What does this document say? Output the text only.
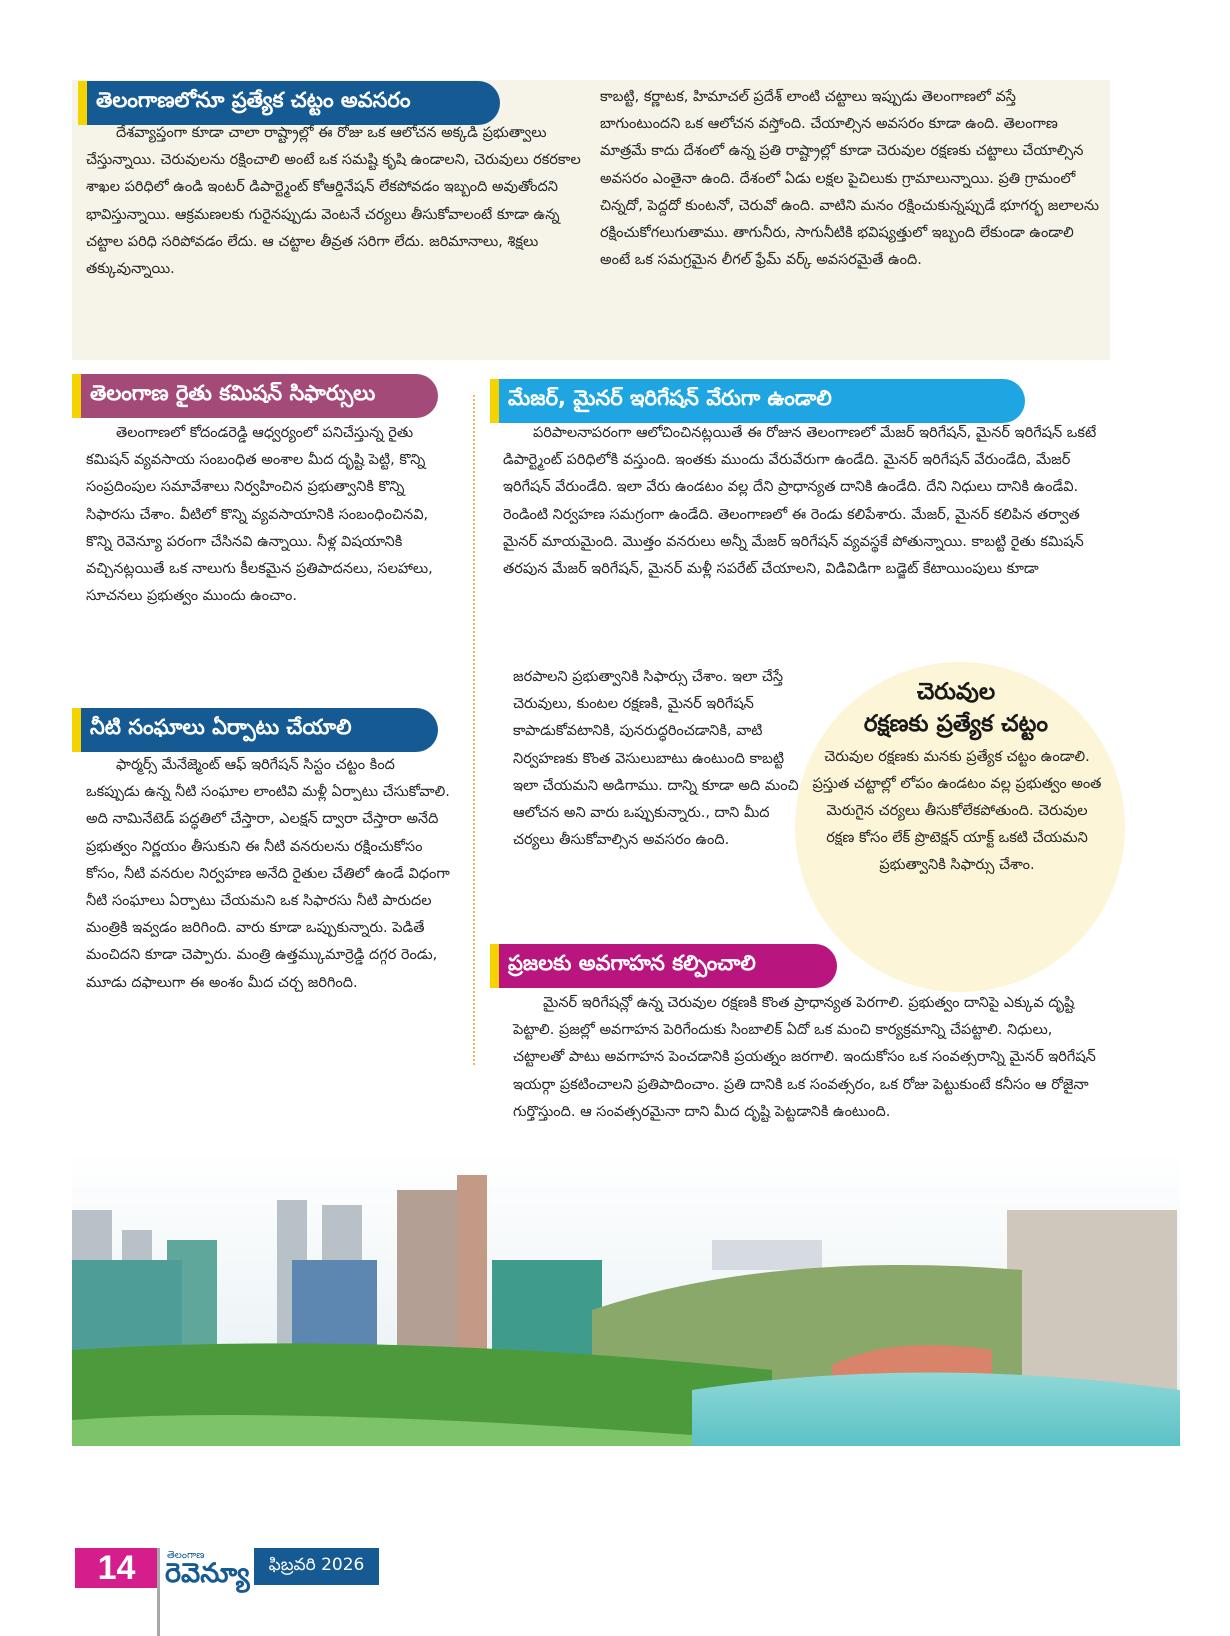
తెలంగాణలోనూ ప్రత్యేక చట్టం అవసరం

దేశవ్యాప్తంగా కూడా చాలా రాష్ట్రాల్లో ఈ రోజు ఒక ఆలోచన అక్కడి ప్రభుత్వాలు చేస్తున్నాయి. చెరువులను రక్షించాలి అంటే ఒక సమష్టి కృషి ఉండాలని, చెరువులు రకరకాల శాఖల పరిధిలో ఉండి ఇంటర్ డిపార్ట్మెంట్ కోఆర్డినేషన్ లేకపోవడం ఇబ్బంది అవుతోందని భావిస్తున్నాయి. ఆక్రమణలకు గురైనప్పుడు వెంటనే చర్యలు తీసుకోవాలంటే కూడా ఉన్న చట్టాల పరిధి సరిపోవడం లేదు. ఆ చట్టాల తీవ్రత సరిగా లేదు. జరిమానాలు, శిక్షలు తక్కువున్నాయి.

కాబట్టి, కర్ణాటక, హిమాచల్ ప్రదేశ్ లాంటి చట్టాలు ఇప్పుడు తెలంగాణలో వస్తే బాగుంటుందని ఒక ఆలోచన వస్తోంది. చేయాల్సిన అవసరం కూడా ఉంది. తెలంగాణ మాత్రమే కాదు దేశంలో ఉన్న ప్రతి రాష్ట్రాల్లో కూడా చెరువుల రక్షణకు చట్టాలు చేయాల్సిన అవసరం ఎంతైనా ఉంది. దేశంలో ఏడు లక్షల పైచిలుకు గ్రామాలున్నాయి. ప్రతి గ్రామంలో చిన్నదో, పెద్దదో కుంటనో, చెరువో ఉంది. వాటిని మనం రక్షించుకున్నప్పుడే భూగర్భ జలాలను రక్షించుకోగలుగుతాము. తాగునీరు, సాగునీటికి భవిష్యత్తులో ఇబ్బంది లేకుండా ఉండాలి అంటే ఒక సమగ్రమైన లీగల్ ఫ్రేమ్ వర్క్ అవసరమైతే ఉంది.

తెలంగాణ రైతు కమిషన్ సిఫార్సులు

తెలంగాణలో కోదండరెడ్డి ఆధ్వర్యంలో పనిచేస్తున్న రైతు కమిషన్ వ్యవసాయ సంబంధిత అంశాల మీద దృష్టి పెట్టి, కొన్ని సంప్రదింపుల సమావేశాలు నిర్వహించిన ప్రభుత్వానికి కొన్ని సిఫారసు చేశాం. వీటిలో కొన్ని వ్యవసాయానికి సంబంధించినవి, కొన్ని రెవెన్యూ పరంగా చేసినవి ఉన్నాయి. నీళ్ల విషయానికి వచ్చినట్లయితే ఒక నాలుగు కీలకమైన ప్రతిపాదనలు, సలహాలు, సూచనలు ప్రభుత్వం ముందు ఉంచాం.

నీటి సంఘాలు ఏర్పాటు చేయాలి

ఫార్మర్స్ మేనేజ్మెంట్ ఆఫ్ ఇరిగేషన్ సిస్టం చట్టం కింద ఒకప్పుడు ఉన్న నీటి సంఘాల లాంటివి మళ్లీ ఏర్పాటు చేసుకోవాలి. అది నామినేటెడ్ పద్ధతిలో చేస్తారా, ఎలక్షన్ ద్వారా చేస్తారా అనేది ప్రభుత్వం నిర్ణయం తీసుకుని ఈ నీటి వనరులను రక్షించుకోసం కోసం, నీటి వనరుల నిర్వహణ అనేది రైతుల చేతిలో ఉండే విధంగా నీటి సంఘాలు ఏర్పాటు చేయమని ఒక సిఫారసు నీటి పారుదల మంత్రికి ఇవ్వడం జరిగింది. వారు కూడా ఒప్పుకున్నారు. పెడితే మంచిదని కూడా చెప్పారు. మంత్రి ఉత్తమ్కుమార్రెడ్డి దగ్గర రెండు, మూడు దఫాలుగా ఈ అంశం మీద చర్చ జరిగింది.

మేజర్, మైనర్ ఇరిగేషన్ వేరుగా ఉండాలి

పరిపాలనాపరంగా ఆలోచించినట్లయితే ఈ రోజున తెలంగాణలో మేజర్ ఇరిగేషన్, మైనర్ ఇరిగేషన్ ఒకటే డిపార్ట్మెంట్ పరిధిలోకి వస్తుంది. ఇంతకు ముందు వేరువేరుగా ఉండేది. మైనర్ ఇరిగేషన్ వేరుండేది, మేజర్ ఇరిగేషన్ వేరుండేది. ఇలా వేరు ఉండటం వల్ల దేని ప్రాధాన్యత దానికి ఉండేది. దేని నిధులు దానికి ఉండేవి. రెండింటి నిర్వహణ సమగ్రంగా ఉండేది. తెలంగాణలో ఈ రెండు కలిపేశారు. మేజర్, మైనర్ కలిపిన తర్వాత మైనర్ మాయమైంది. మొత్తం వనరులు అన్నీ మేజర్ ఇరిగేషన్ వ్యవస్థకే పోతున్నాయి. కాబట్టి రైతు కమిషన్ తరపున మేజర్ ఇరిగేషన్, మైనర్ మళ్లీ సపరేట్ చేయాలని, విడివిడిగా బడ్జెట్ కేటాయింపులు కూడా

జరపాలని ప్రభుత్వానికి సిఫార్సు చేశాం. ఇలా చేస్తే చెరువులు, కుంటల రక్షణకి, మైనర్ ఇరిగేషన్ కాపాడుకోవటానికి, పునరుద్ధరించడానికి, వాటి నిర్వహణకు కొంత వెసులుబాటు ఉంటుంది కాబట్టి ఇలా చేయమని అడిగాము. దాన్ని కూడా అది మంచి ఆలోచన అని వారు ఒప్పుకున్నారు., దాని మీద చర్యలు తీసుకోవాల్సిన అవసరం ఉంది.

చెరువుల
రక్షణకు ప్రత్యేక చట్టం
చెరువుల రక్షణకు మనకు ప్రత్యేక చట్టం ఉండాలి. ప్రస్తుత చట్టాల్లో లోపం ఉండటం వల్ల ప్రభుత్వం అంత మెరుగైన చర్యలు తీసుకోలేకపోతుంది. చెరువుల రక్షణ కోసం లేక్ ప్రొటెక్షన్ యాక్ట్ ఒకటి చేయమని ప్రభుత్వానికి సిఫార్సు చేశాం.
ప్రజలకు అవగాహన కల్పించాలి

మైనర్ ఇరిగేషన్లో ఉన్న చెరువుల రక్షణకి కొంత ప్రాధాన్యత పెరగాలి. ప్రభుత్వం దానిపై ఎక్కువ దృష్టి పెట్టాలి. ప్రజల్లో అవగాహన పెరిగేందుకు సింబాలిక్ ఏదో ఒక మంచి కార్యక్రమాన్ని చేపట్టాలి. నిధులు, చట్టాలతో పాటు అవగాహన పెంచడానికి ప్రయత్నం జరగాలి. ఇందుకోసం ఒక సంవత్సరాన్ని మైనర్ ఇరిగేషన్ ఇయర్గా ప్రకటించాలని ప్రతిపాదించాం. ప్రతి దానికి ఒక సంవత్సరం, ఒక రోజు పెట్టుకుంటే కనీసం ఆ రోజైనా గుర్తొస్తుంది. ఆ సంవత్సరమైనా దాని మీద దృష్టి పెట్టడానికి ఉంటుంది.

14	తెలంగాణ
రెవెన్యూ	ఫిబ్రవరి 2026
